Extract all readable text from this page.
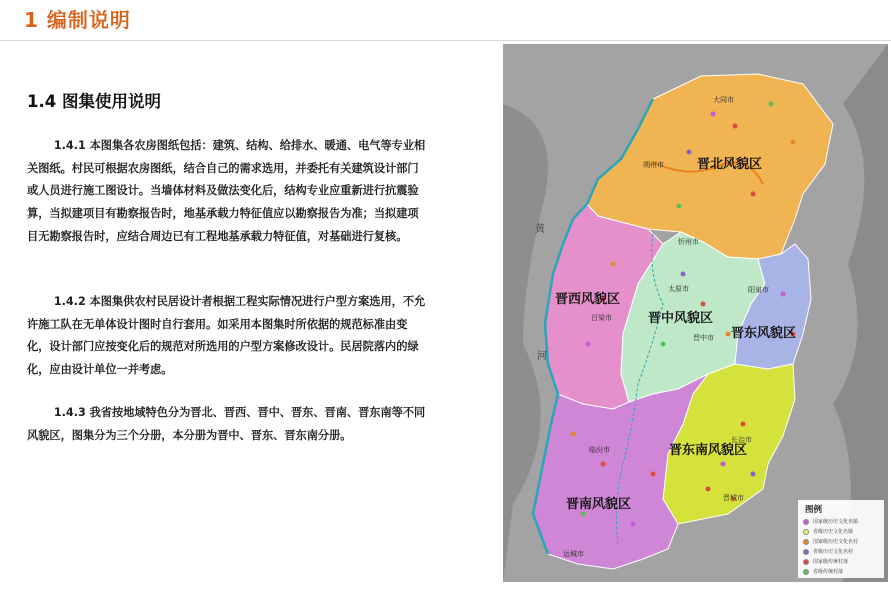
1 编制说明
1.4 图集使用说明

1.4.1 本图集各农房图纸包括：建筑、结构、给排水、暖通、电气等专业相关图纸。村民可根据农房图纸，结合自己的需求选用，并委托有关建筑设计部门或人员进行施工图设计。当墙体材料及做法变化后，结构专业应重新进行抗震验算，当拟建项目有勘察报告时，地基承载力特征值应以勘察报告为准；当拟建项目无勘察报告时，应结合周边已有工程地基承载力特征值，对基础进行复核。

1.4.2 本图集供农村民居设计者根据工程实际情况进行户型方案选用，不允许施工队在无单体设计图时自行套用。如采用本图集时所依据的规范标准由变化，设计部门应按变化后的规范对所选用的户型方案修改设计。民居院落内的绿化，应由设计单位一并考虑。

1.4.3 我省按地域特色分为晋北、晋西、晋中、晋东、晋南、晋东南等不同风貌区，图集分为三个分册，本分册为晋中、晋东、晋东南分册。

大同市
朔州市
忻州市
太原市	阳泉市
吕梁市
晋中市
长治市
晋城市
临汾市
运城市
黄
河
晋北风貌区
晋西风貌区
晋中风貌区
晋东风貌区
晋东南风貌区
晋南风貌区	图例
国家级历史文化名镇
省级历史文化名镇
国家级历史文化名村
省级历史文化名村
国家级传统村落
省级传统村落
